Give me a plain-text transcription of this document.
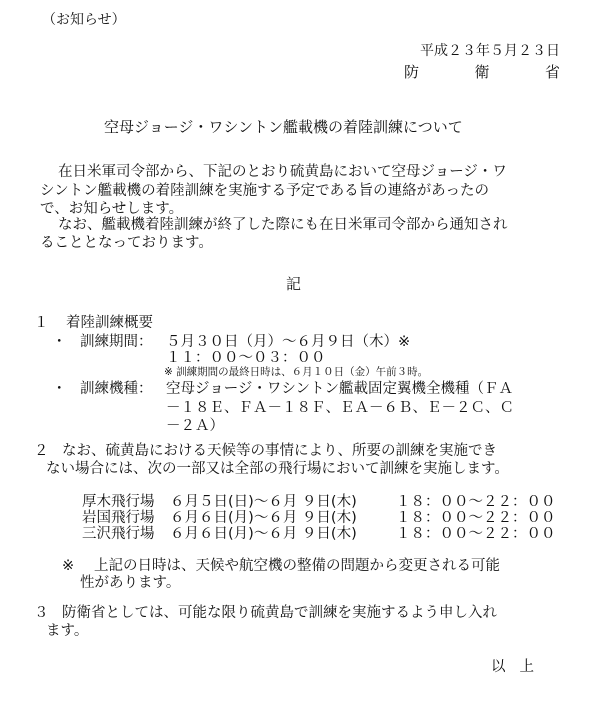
（お知らせ）
平成２３年５月２３日
防	衛	省
空母ジョージ・ワシントン艦載機の着陸訓練について
在日米軍司令部から、下記のとおり硫黄島において空母ジョージ・ワ
シントン艦載機の着陸訓練を実施する予定である旨の連絡があったの
で、お知らせします。
なお、艦載機着陸訓練が終了した際にも在日米軍司令部から通知され
ることとなっております。
記
１ 着陸訓練概要
・ 訓練期間： ５月３０日（月）～６月９日（木）※
１１：００～０３：００
※ 訓練期間の最終日時は、６月１０日（金）午前３時。
・ 訓練機種： 空母ジョージ・ワシントン艦載固定翼機全機種（ＦＡ
－１８Ｅ、ＦＡ－１８Ｆ、ＥＡ－６Ｂ、Ｅ－２Ｃ、Ｃ
－２Ａ）
２ なお、硫黄島における天候等の事情により、所要の訓練を実施でき
ない場合には、次の一部又は全部の飛行場において訓練を実施します。
厚木飛行場 ６月５日(日)～６月 ９日(木)	１８：００～２２：００
岩国飛行場 ６月６日(月)～６月 ９日(木)	１８：００～２２：００
三沢飛行場 ６月６日(月)～６月 ９日(木)	１８：００～２２：００
※ 上記の日時は、天候や航空機の整備の問題から変更される可能
性があります。
３ 防衛省としては、可能な限り硫黄島で訓練を実施するよう申し入れ
ます。
以上
